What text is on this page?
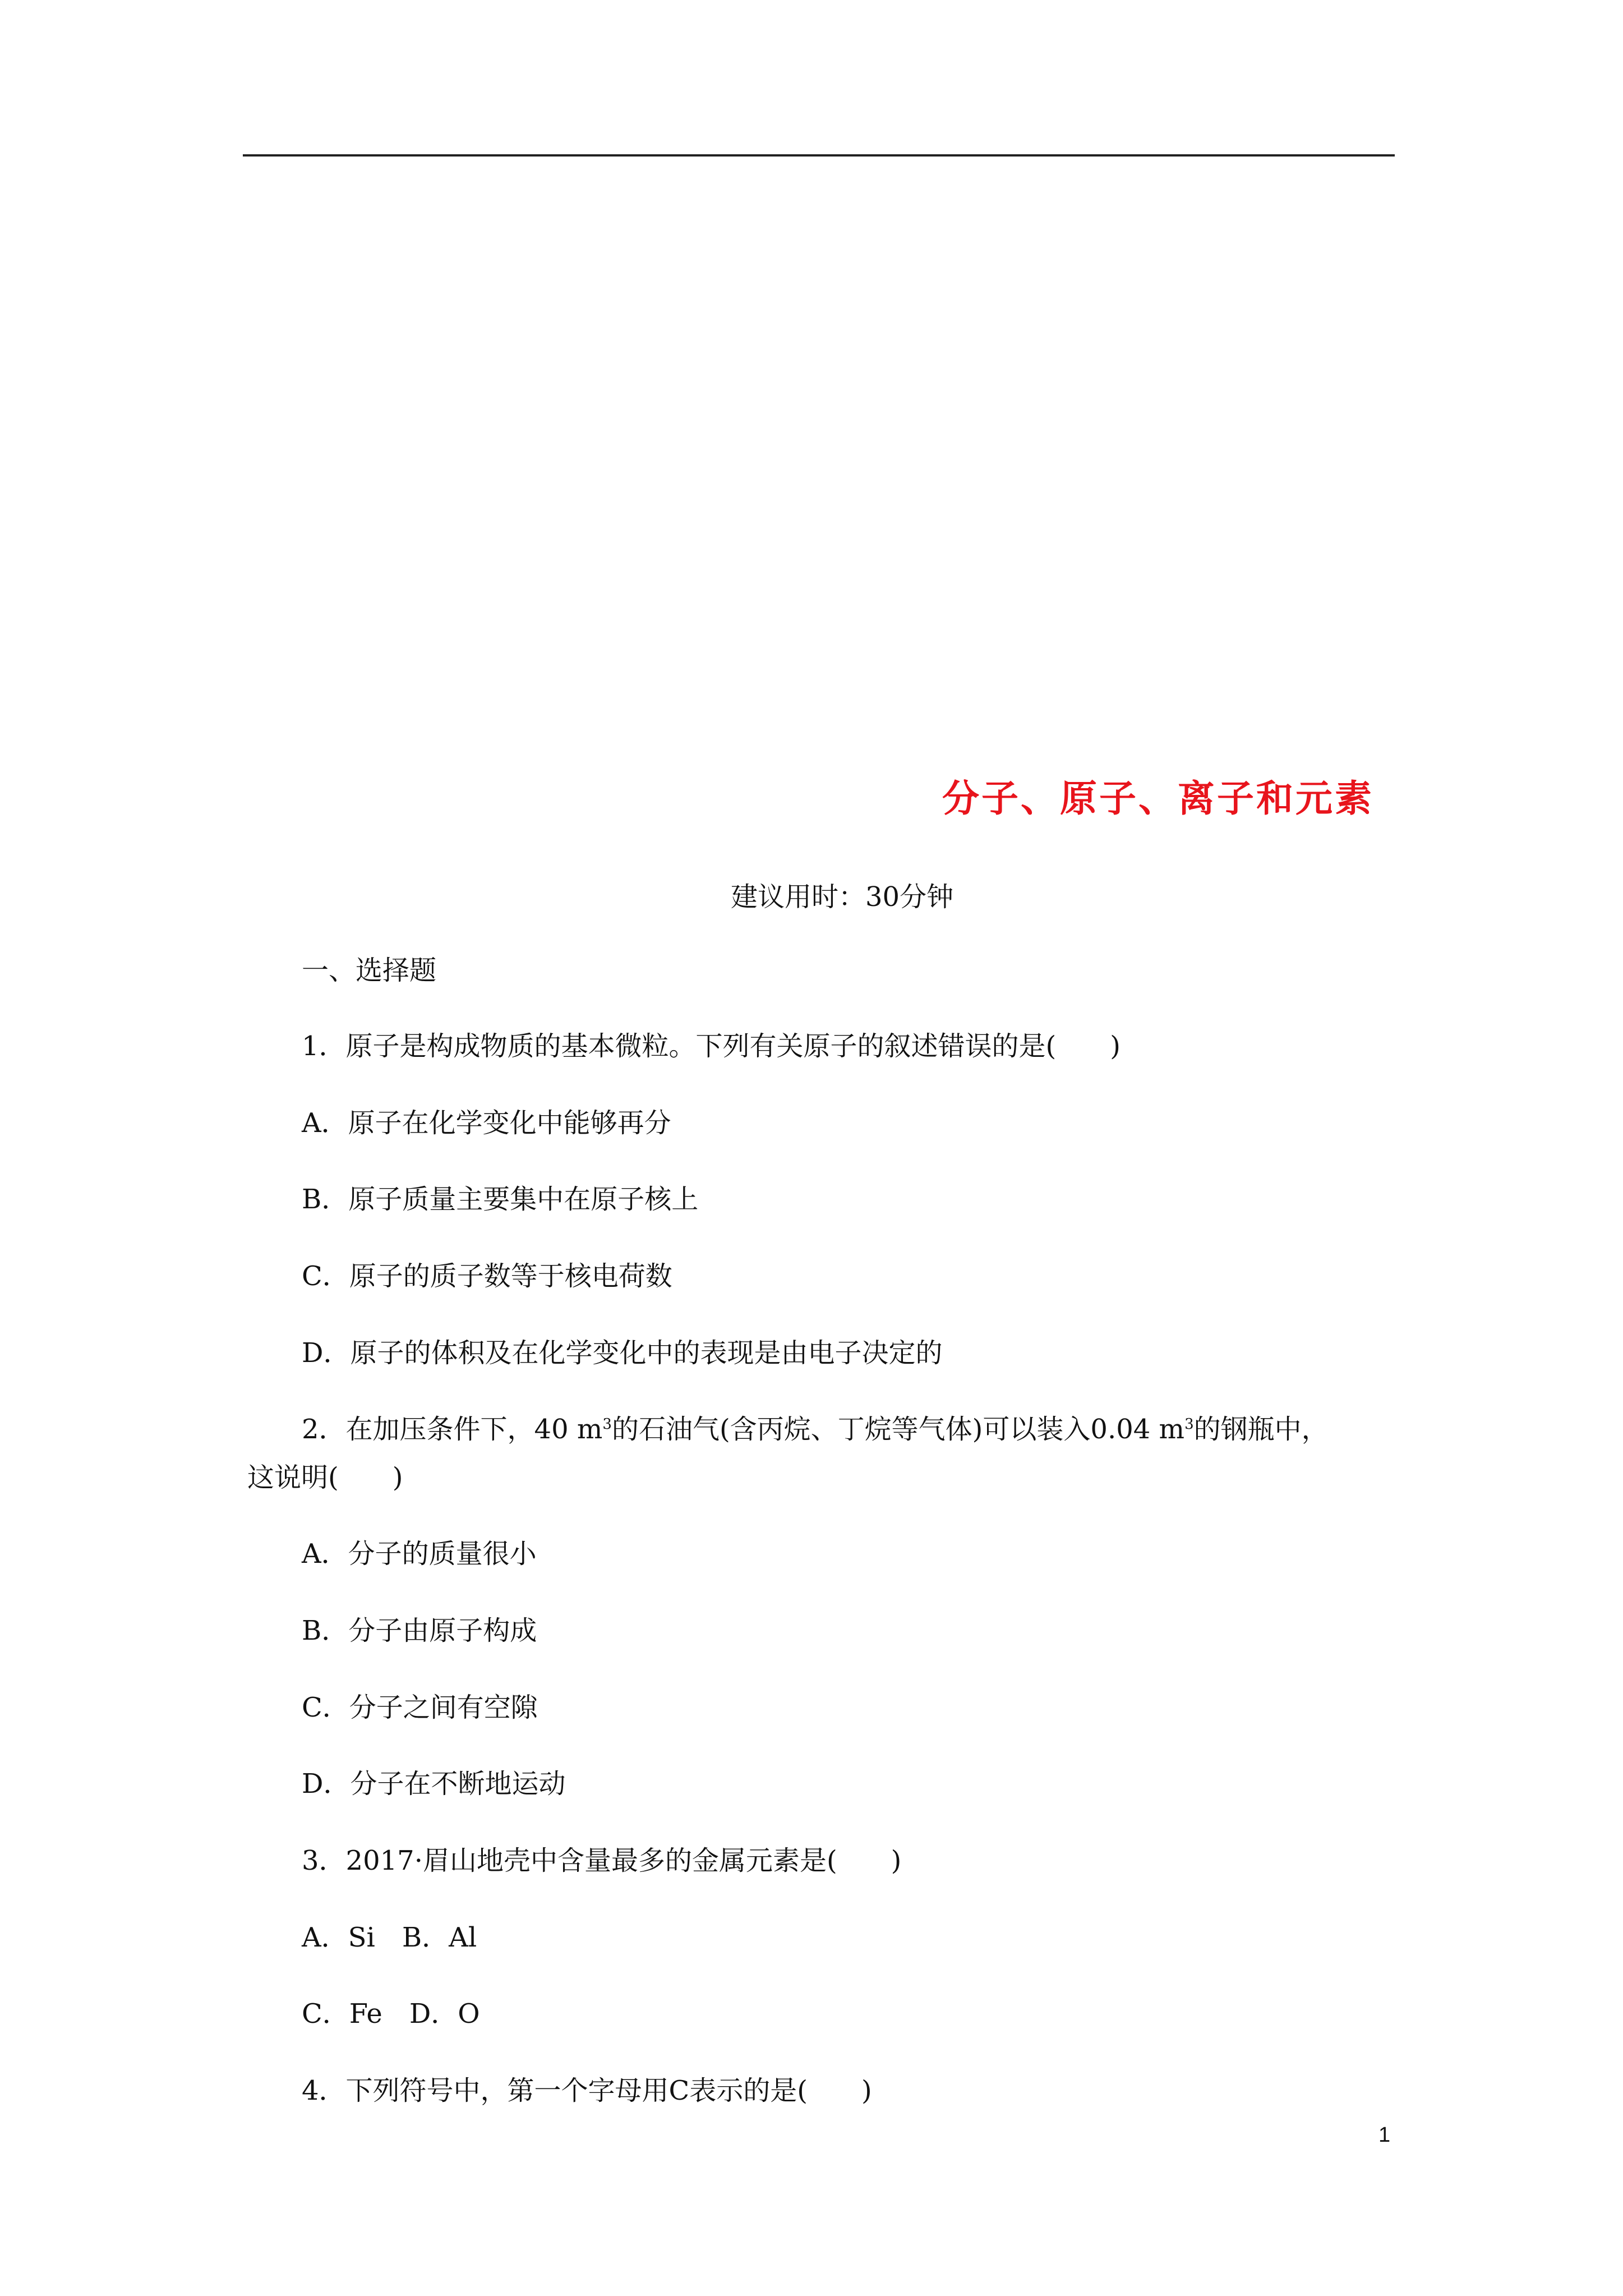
分子、原子、离子和元素
建议用时：30分钟
一、选择题
1．原子是构成物质的基本微粒。下列有关原子的叙述错误的是(　　)
A．原子在化学变化中能够再分
B．原子质量主要集中在原子核上
C．原子的质子数等于核电荷数
D．原子的体积及在化学变化中的表现是由电子决定的
2．在加压条件下，40 $m^3$的石油气(含丙烷、丁烷等气体)可以装入0.04 $m^3$的钢瓶中，
这说明(　　)
A．分子的质量很小
B．分子由原子构成
C．分子之间有空隙
D．分子在不断地运动
3．2017·眉山地壳中含量最多的金属元素是(　　)
A．Si　B．Al
C．Fe　D．O
4．下列符号中，第一个字母用C表示的是(　　)
1
